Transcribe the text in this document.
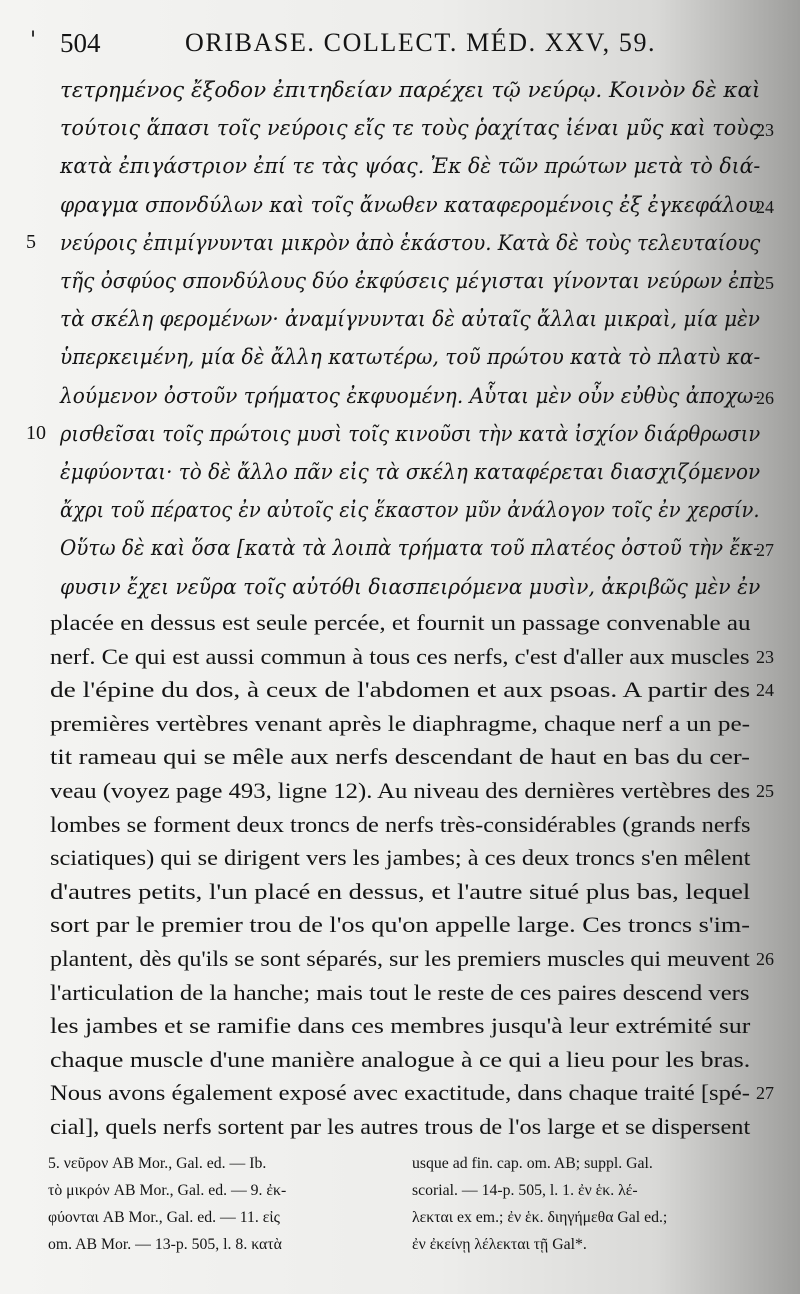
' 504	ORIBASE. COLLECT. MÉD. XXV, 59.
τετρημένος ἔξοδον ἐπιτηδείαν παρέχει τῷ νεύρῳ. Κοινὸν δὲ καὶ
τούτοις ἅπασι τοῖς νεύροις εἴς τε τοὺς ῥαχίτας ἰέναι μῦς καὶ τοὺς
κατὰ ἐπιγάστριον ἐπί τε τὰς ψόας. Ἐκ δὲ τῶν πρώτων μετὰ τὸ διά-
φραγμα σπονδύλων καὶ τοῖς ἄνωθεν καταφερομένοις ἐξ ἐγκεφάλου
νεύροις ἐπιμίγνυνται μικρὸν ἀπὸ ἑκάστου. Κατὰ δὲ τοὺς τελευταίους
τῆς ὀσφύος σπονδύλους δύο ἐκφύσεις μέγισται γίνονται νεύρων ἐπὶ
τὰ σκέλη φερομένων· ἀναμίγνυνται δὲ αὐταῖς ἄλλαι μικραὶ, μία μὲν
ὑπερκειμένη, μία δὲ ἄλλη κατωτέρω, τοῦ πρώτου κατὰ τὸ πλατὺ κα-
λούμενον ὀστοῦν τρήματος ἐκφυομένη. Αὗται μὲν οὖν εὐθὺς ἀποχω-
ρισθεῖσαι τοῖς πρώτοις μυσὶ τοῖς κινοῦσι τὴν κατὰ ἰσχίον διάρθρωσιν
ἐμφύονται· τὸ δὲ ἄλλο πᾶν εἰς τὰ σκέλη καταφέρεται διασχιζόμενον
ἄχρι τοῦ πέρατος ἐν αὐτοῖς εἰς ἕκαστον μῦν ἀνάλογον τοῖς ἐν χερσίν.
Οὕτω δὲ καὶ ὅσα [κατὰ τὰ λοιπὰ τρήματα τοῦ πλατέος ὀστοῦ τὴν ἔκ-
φυσιν ἔχει νεῦρα τοῖς αὐτόθι διασπειρόμενα μυσὶν, ἀκριβῶς μὲν ἐν
5
10
23
24
25
26
27
placée en dessus est seule percée, et fournit un passage convenable au
nerf. Ce qui est aussi commun à tous ces nerfs, c'est d'aller aux muscles
de l'épine du dos, à ceux de l'abdomen et aux psoas. A partir des
premières vertèbres venant après le diaphragme, chaque nerf a un pe-
tit rameau qui se mêle aux nerfs descendant de haut en bas du cer-
veau (voyez page 493, ligne 12). Au niveau des dernières vertèbres des
lombes se forment deux troncs de nerfs très-considérables (grands nerfs
sciatiques) qui se dirigent vers les jambes; à ces deux troncs s'en mêlent
d'autres petits, l'un placé en dessus, et l'autre situé plus bas, lequel
sort par le premier trou de l'os qu'on appelle large. Ces troncs s'im-
plantent, dès qu'ils se sont séparés, sur les premiers muscles qui meuvent
l'articulation de la hanche; mais tout le reste de ces paires descend vers
les jambes et se ramifie dans ces membres jusqu'à leur extrémité sur
chaque muscle d'une manière analogue à ce qui a lieu pour les bras.
Nous avons également exposé avec exactitude, dans chaque traité [spé-
cial], quels nerfs sortent par les autres trous de l'os large et se dispersent
23
24
25
26
27
5. νεῦρον AB Mor., Gal. ed. — Ib.
τὸ μικρόν AB Mor., Gal. ed. — 9. ἐκ-
φύονται AB Mor., Gal. ed. — 11. εἰς
om. AB Mor. — 13-p. 505, l. 8. κατὰ
usque ad fin. cap. om. AB; suppl. Gal.
scorial. — 14-p. 505, l. 1. ἐν ἑκ. λέ-
λεκται ex em.; ἐν ἑκ. διηγήμεθα Gal ed.;
ἐν ἐκείνῃ λέλεκται τῇ Gal*.
